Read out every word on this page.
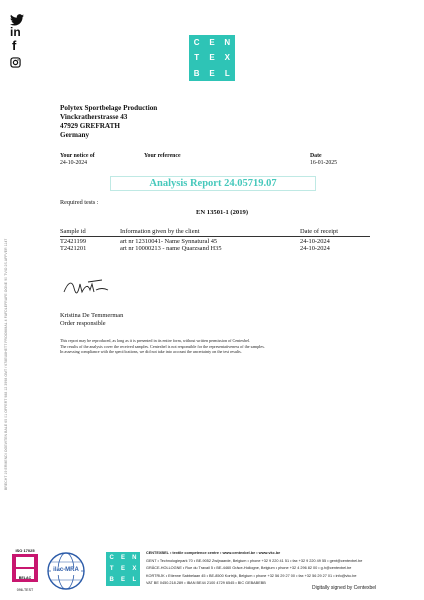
in
f
BRECHT 19 ERMENDI OGEWTEN BALE 65 01 OFFERT 988 12 3998 OMT / 678EU8HETT FROOMMAL 4 FAFDLEFRAFE OONE 90 TVIO 2S AFFVER 1147
C	E	N
T	E	X
B	E	L
Polytex Sportbelage Production
Vinckratherstrasse 43
47929 GREFRATH
Germany
Your notice of
24-10-2024
Your reference	Date
16-01-2025
Analysis Report 24.05719.07
Required tests :
EN 13501-1 (2019)
Sample id	Information given by the client	Date of receipt
T2421199	art nr 12310041- Name Synnatural 45	24-10-2024
T2421201	art nr 10000213 - name Quarzsand H35	24-10-2024
Kristina De Temmerman
Order responsible
This report may be reproduced, as long as it is presented in its entire form, without written permission of Centexbel.
The results of the analysis cover the received samples. Centexbel is not responsible for the representativeness of the samples.
In assessing compliance with the specifications, we did not take into account the uncertainty on the test results.
ISO 17025
BELAC
096-TEST
ilac-MRA
C	E	N
T	E	X
B	E	L
CENTEXBEL • textile competence centre • www.centexbel.be • www.vkc.be
GENT • Technologiepark 70 • BE-9052 Zwijnaarde, Belgium • phone +32 9 220 41 51 • fax +32 9 220 49 55 • gent@centexbel.be
GRÂCE-HOLLOGNE • Rue du Travail 5 • BE-4460 Grâce-Hollogne, Belgium • phone +32 4 296 82 00 • g.h@centexbel.be
KORTRIJK • Etienne Sabbelaan 45 • BE-8500 Kortrijk, Belgium • phone +32 56 29 27 00 • fax +32 56 29 27 01 • info@vkc.be
VAT BE 0450.218.289 • IBAN BE44 2100 4729 6545 • BIC GEBABEBB
Digitally signed by Centexbel
